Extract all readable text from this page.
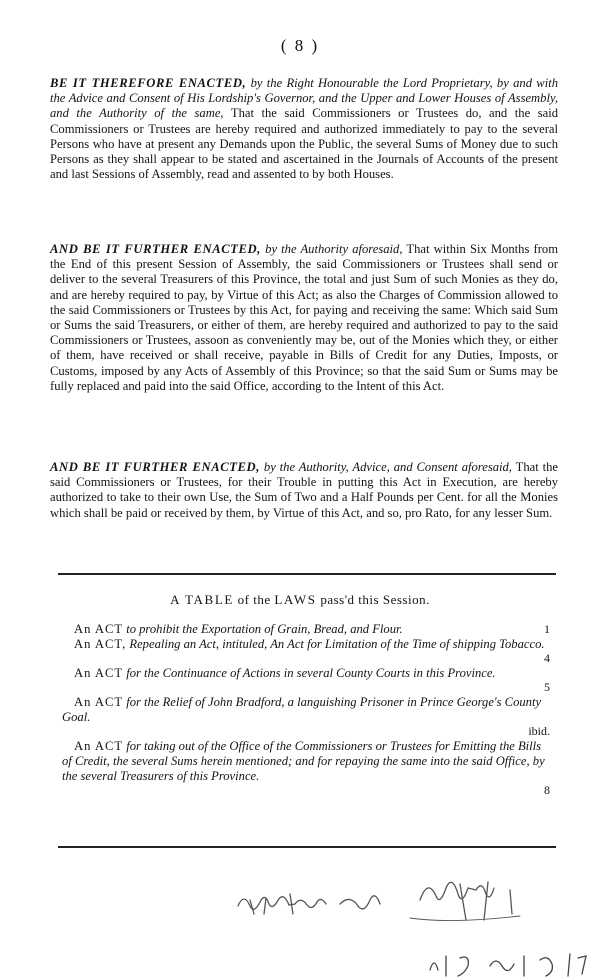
( 8 )
BE IT THEREFORE ENACTED, by the Right Honourable the Lord Proprietary, by and with the Advice and Consent of His Lordship's Governor, and the Upper and Lower Houses of Assembly, and the Authority of the same, That the said Commissioners or Trustees do, and the said Commissioners or Trustees are hereby required and authorized immediately to pay to the several Persons who have at present any Demands upon the Public, the several Sums of Money due to such Persons as they shall appear to be stated and ascertained in the Journals of Accounts of the present and last Sessions of Assembly, read and assented to by both Houses.
AND BE IT FURTHER ENACTED, by the Authority aforesaid, That within Six Months from the End of this present Session of Assembly, the said Commissioners or Trustees shall send or deliver to the several Treasurers of this Province, the total and just Sum of such Monies as they do, and are hereby required to pay, by Virtue of this Act; as also the Charges of Commission allowed to the said Commissioners or Trustees by this Act, for paying and receiving the same: Which said Sum or Sums the said Treasurers, or either of them, are hereby required and authorized to pay to the said Commissioners or Trustees, assoon as conveniently may be, out of the Monies which they, or either of them, have received or shall receive, payable in Bills of Credit for any Duties, Imposts, or Customs, imposed by any Acts of Assembly of this Province; so that the said Sum or Sums may be fully replaced and paid into the said Office, according to the Intent of this Act.
AND BE IT FURTHER ENACTED, by the Authority, Advice, and Consent aforesaid, That the said Commissioners or Trustees, for their Trouble in putting this Act in Execution, are hereby authorized to take to their own Use, the Sum of Two and a Half Pounds per Cent. for all the Monies which shall be paid or received by them, by Virtue of this Act, and so, pro Rato, for any lesser Sum.
A TABLE of the LAWS pass'd this Session.
An ACT to prohibit the Exportation of Grain, Bread, and Flour.	1
An ACT, Repealing an Act, intituled, An Act for Limitation of the Time of shipping Tobacco.
4
An ACT for the Continuance of Actions in several County Courts in this Province.
5
An ACT for the Relief of John Bradford, a languishing Prisoner in Prince George's County Goal.
ibid.
An ACT for taking out of the Office of the Commissioners or Trustees for Emitting the Bills of Credit, the several Sums herein mentioned; and for repaying the same into the said Office, by the several Treasurers of this Province.
8
